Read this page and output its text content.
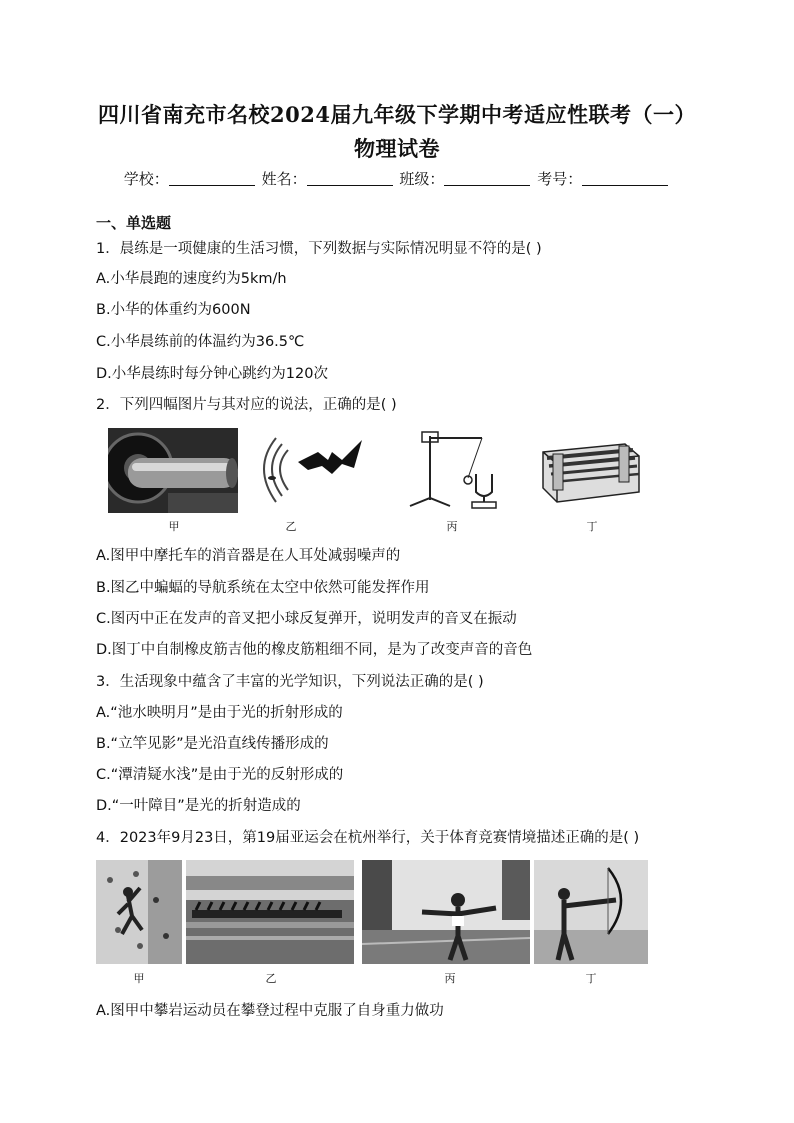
四川省南充市名校2024届九年级下学期中考适应性联考（一）物理试卷
学校：	姓名：	班级：	考号：
一、单选题
1．晨练是一项健康的生活习惯，下列数据与实际情况明显不符的是( )
A.小华晨跑的速度约为5km/h
B.小华的体重约为600N
C.小华晨练前的体温约为36.5℃
D.小华晨练时每分钟心跳约为120次
2．下列四幅图片与其对应的说法，正确的是( )
甲	乙	丙	丁
A.图甲中摩托车的消音器是在人耳处减弱噪声的
B.图乙中蝙蝠的导航系统在太空中依然可能发挥作用
C.图丙中正在发声的音叉把小球反复弹开，说明发声的音叉在振动
D.图丁中自制橡皮筋吉他的橡皮筋粗细不同，是为了改变声音的音色
3．生活现象中蕴含了丰富的光学知识，下列说法正确的是( )
A.“池水映明月”是由于光的折射形成的
B.“立竿见影”是光沿直线传播形成的
C.“潭清疑水浅”是由于光的反射形成的
D.“一叶障目”是光的折射造成的
4．2023年9月23日，第19届亚运会在杭州举行，关于体育竞赛情境描述正确的是( )
甲	乙	丙	丁
A.图甲中攀岩运动员在攀登过程中克服了自身重力做功
